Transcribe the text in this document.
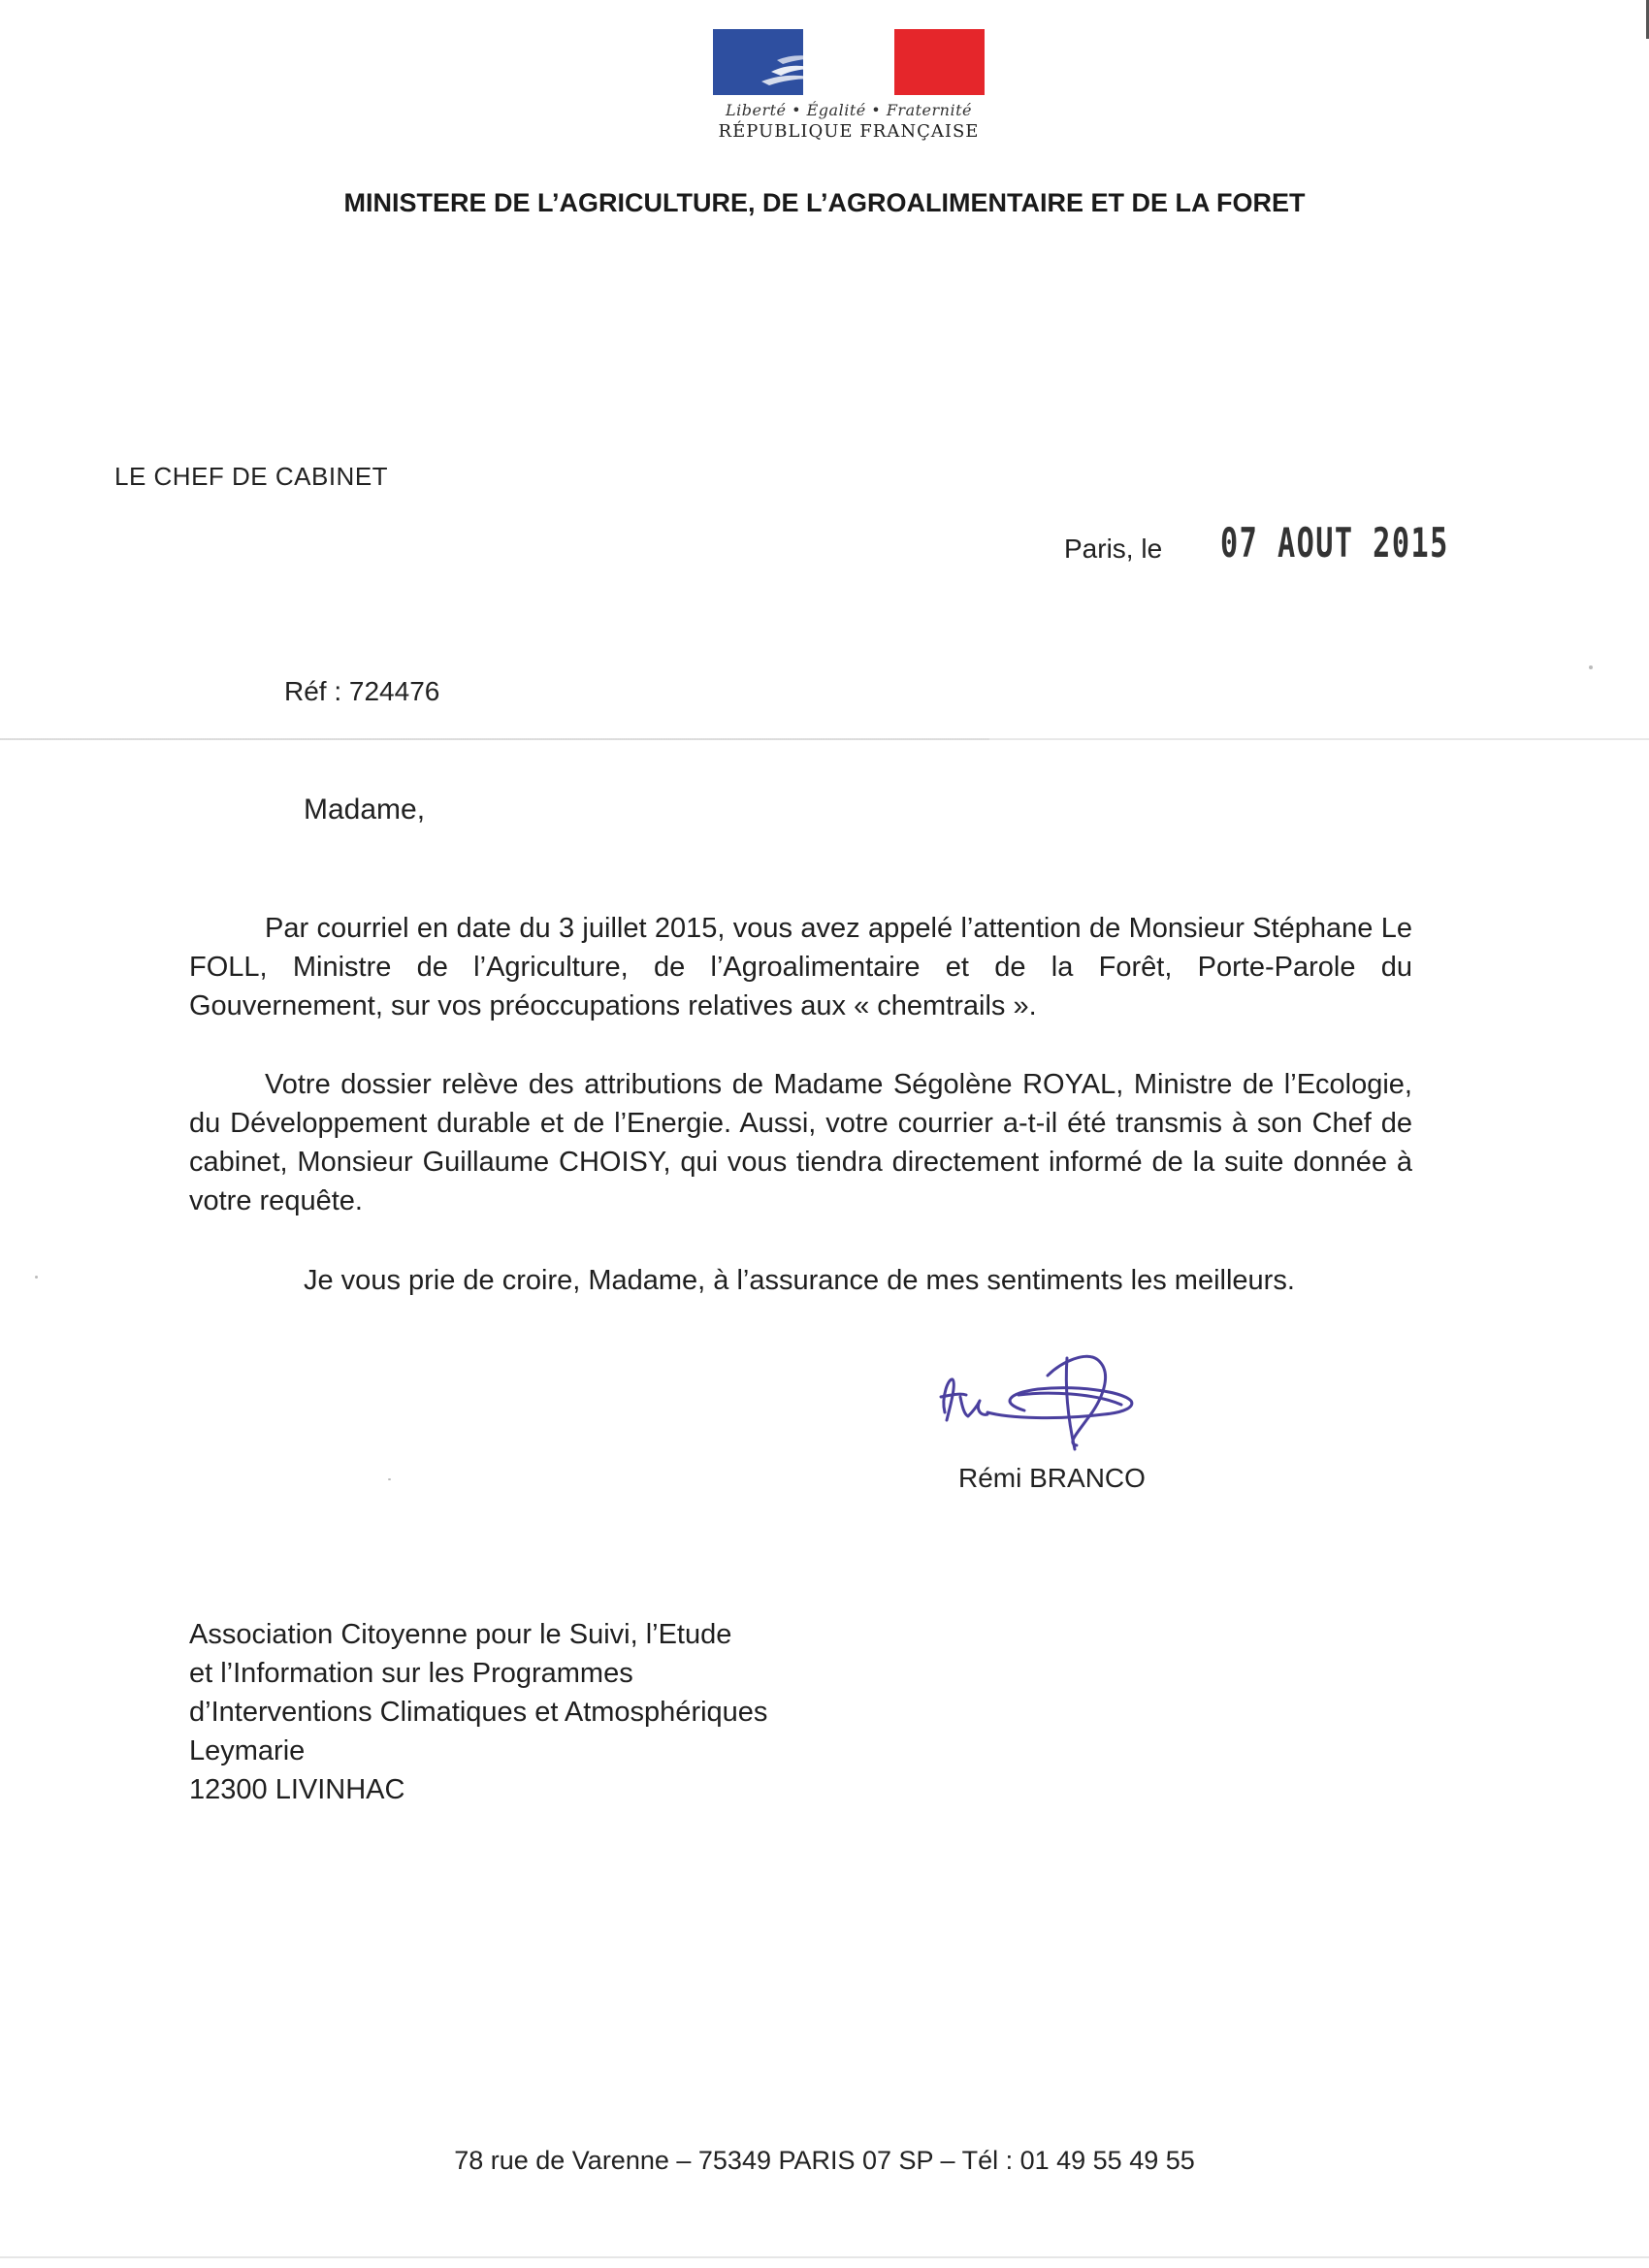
Liberté • Égalité • Fraternité
RÉPUBLIQUE FRANÇAISE
MINISTERE DE L’AGRICULTURE, DE L’AGROALIMENTAIRE ET DE LA FORET
LE CHEF DE CABINET
Paris, le 07 AOUT 2015
Réf : 724476
Madame,

Par courriel en date du 3 juillet 2015, vous avez appelé l’attention de Monsieur Stéphane Le FOLL, Ministre de l’Agriculture, de l’Agroalimentaire et de la Forêt, Porte-Parole du Gouvernement, sur vos préoccupations relatives aux « chemtrails ».

Votre dossier relève des attributions de Madame Ségolène ROYAL, Ministre de l’Ecologie, du Développement durable et de l’Energie. Aussi, votre courrier a-t-il été transmis à son Chef de cabinet, Monsieur Guillaume CHOISY, qui vous tiendra directement informé de la suite donnée à votre requête.

Je vous prie de croire, Madame, à l’assurance de mes sentiments les meilleurs.

Rémi BRANCO
Association Citoyenne pour le Suivi, l’Etude
et l’Information sur les Programmes
d’Interventions Climatiques et Atmosphériques
Leymarie
12300 LIVINHAC
78 rue de Varenne – 75349 PARIS 07 SP – Tél : 01 49 55 49 55
